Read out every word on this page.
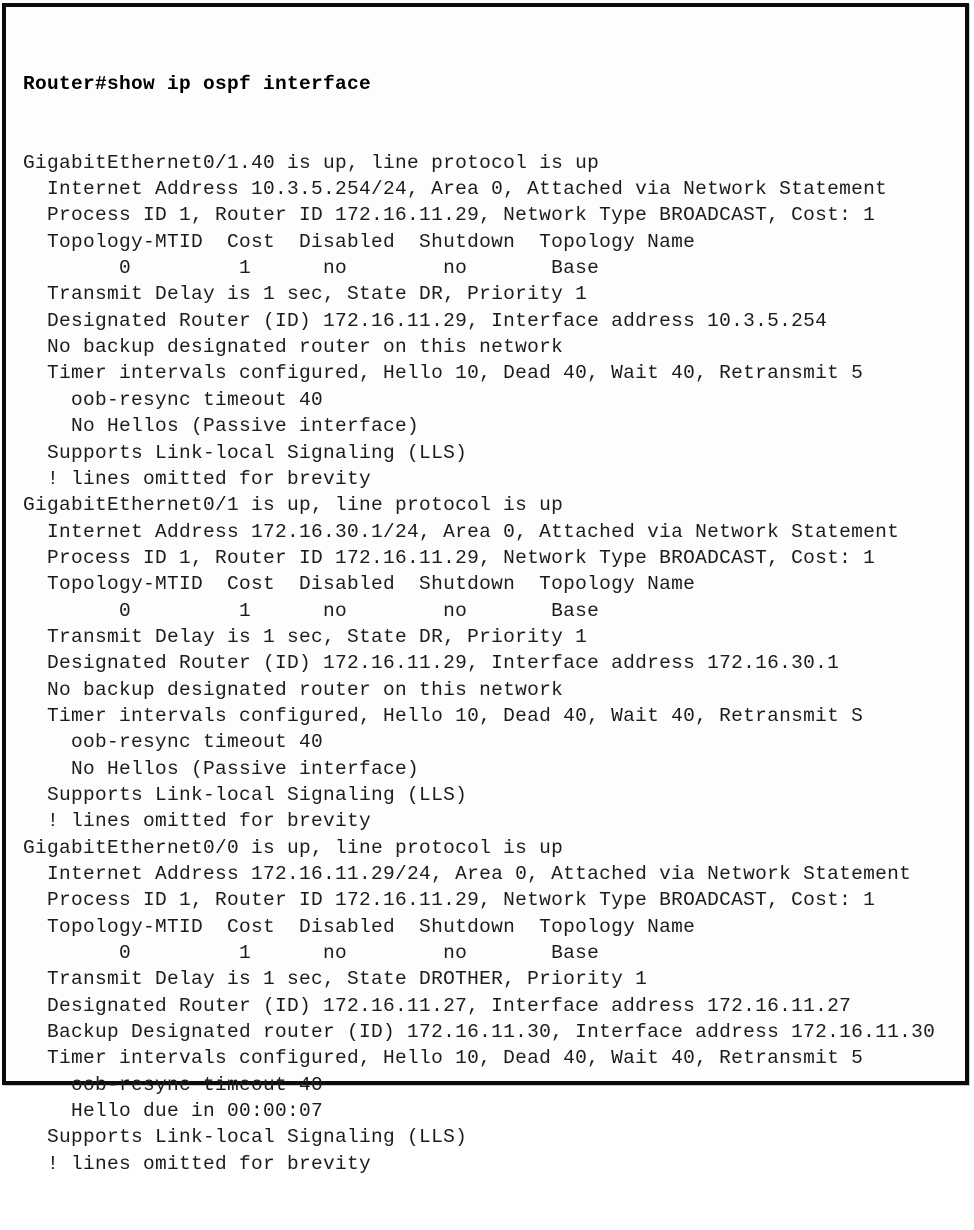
Router#show ip ospf interface

GigabitEthernet0/1.40 is up, line protocol is up
Internet Address 10.3.5.254/24, Area 0, Attached via Network Statement
Process ID 1, Router ID 172.16.11.29, Network Type BROADCAST, Cost: 1
Topology-MTID  Cost  Disabled  Shutdown  Topology Name
0         1      no        no       Base
Transmit Delay is 1 sec, State DR, Priority 1
Designated Router (ID) 172.16.11.29, Interface address 10.3.5.254
No backup designated router on this network
Timer intervals configured, Hello 10, Dead 40, Wait 40, Retransmit 5
oob-resync timeout 40
No Hellos (Passive interface)
Supports Link-local Signaling (LLS)
! lines omitted for brevity
GigabitEthernet0/1 is up, line protocol is up
Internet Address 172.16.30.1/24, Area 0, Attached via Network Statement
Process ID 1, Router ID 172.16.11.29, Network Type BROADCAST, Cost: 1
Topology-MTID  Cost  Disabled  Shutdown  Topology Name
0         1      no        no       Base
Transmit Delay is 1 sec, State DR, Priority 1
Designated Router (ID) 172.16.11.29, Interface address 172.16.30.1
No backup designated router on this network
Timer intervals configured, Hello 10, Dead 40, Wait 40, Retransmit S
oob-resync timeout 40
No Hellos (Passive interface)
Supports Link-local Signaling (LLS)
! lines omitted for brevity
GigabitEthernet0/0 is up, line protocol is up
Internet Address 172.16.11.29/24, Area 0, Attached via Network Statement
Process ID 1, Router ID 172.16.11.29, Network Type BROADCAST, Cost: 1
Topology-MTID  Cost  Disabled  Shutdown  Topology Name
0         1      no        no       Base
Transmit Delay is 1 sec, State DROTHER, Priority 1
Designated Router (ID) 172.16.11.27, Interface address 172.16.11.27
Backup Designated router (ID) 172.16.11.30, Interface address 172.16.11.30
Timer intervals configured, Hello 10, Dead 40, Wait 40, Retransmit 5
oob-resync timeout 40
Hello due in 00:00:07
Supports Link-local Signaling (LLS)
! lines omitted for brevity
